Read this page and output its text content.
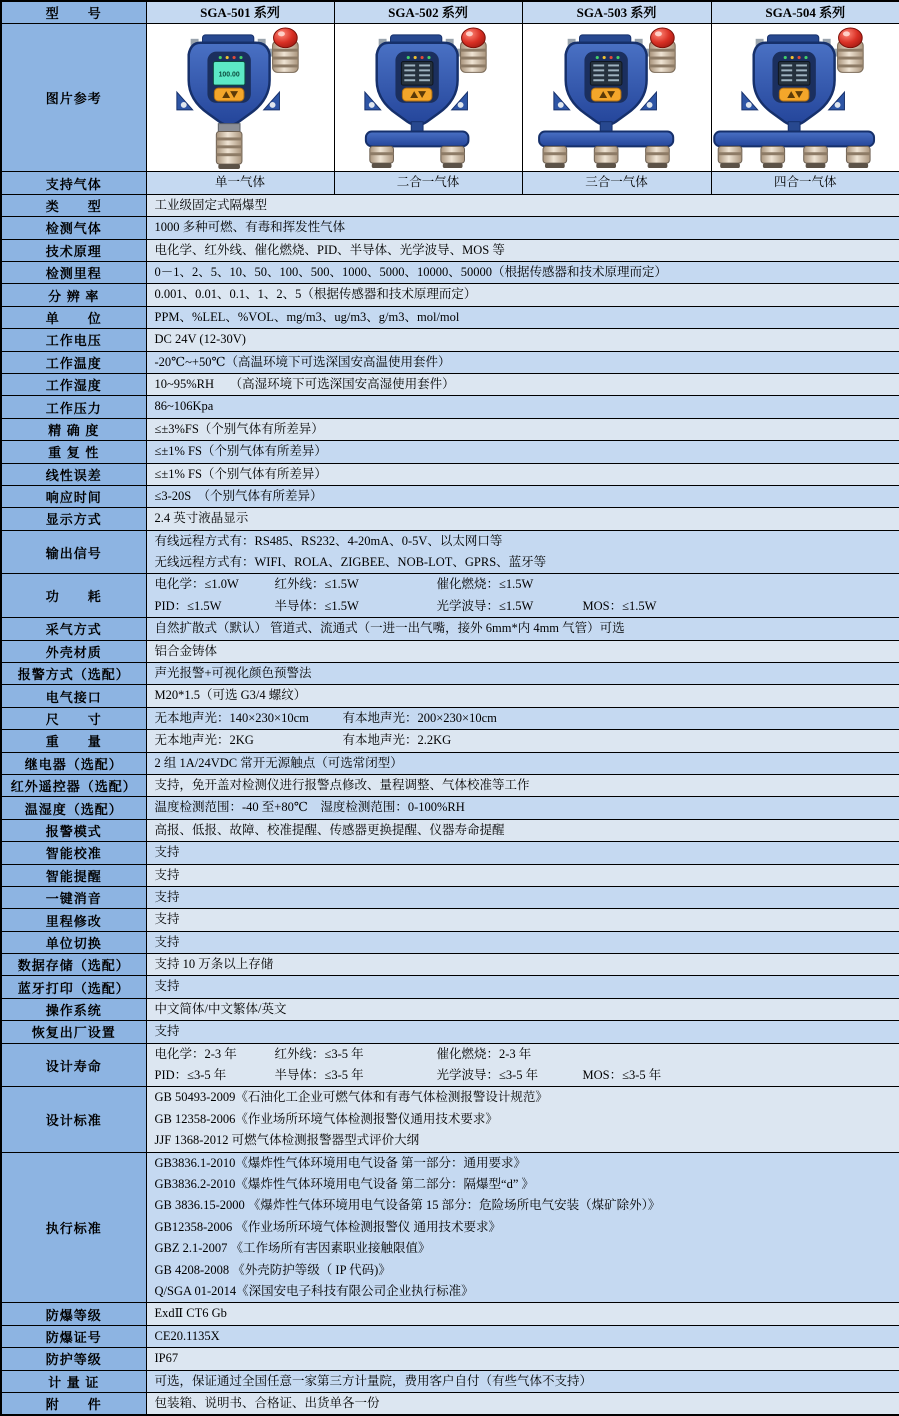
型　　号	SGA-501 系列	SGA-502 系列	SGA-503 系列	SGA-504 系列
图片参考	100.00

支持气体	单一气体	二合一气体	三合一气体	四合一气体
类　　型	工业级固定式隔爆型			

检测气体	1000 多种可燃、有毒和挥发性气体			

技术原理	电化学、红外线、催化燃烧、PID、半导体、光学波导、MOS 等			

检测里程	0－1、2、5、10、50、100、500、1000、5000、10000、50000（根据传感器和技术原理而定）			

分 辨 率	0.001、0.01、0.1、1、2、5（根据传感器和技术原理而定）			

单　　位	PPM、%LEL、%VOL、mg/m3、ug/m3、g/m3、mol/mol			

工作电压	DC 24V (12-30V)			

工作温度	-20℃~+50℃（高温环境下可选深国安高温使用套件）			

工作湿度	10~95%RH　 （高湿环境下可选深国安高湿使用套件）			

工作压力	86~106Kpa			

精 确 度	≤±3%FS（个别气体有所差异）			

重 复 性	≤±1% FS（个别气体有所差异）			

线性误差	≤±1% FS（个别气体有所差异）			

响应时间	≤3-20S　（个别气体有所差异）			

显示方式	2.4 英寸液晶显示			

输出信号	有线远程方式有：RS485、RS232、4-20mA、0-5V、以太网口等
无线远程方式有：WIFI、ROLA、ZIGBEE、NOB-LOT、GPRS、蓝牙等			

功　　耗	电化学：≤1.0W 红外线：≤1.5W 催化燃烧：≤1.5W
PID：≤1.5W 半导体：≤1.5W 光学波导：≤1.5W MOS：≤1.5W			

采气方式	自然扩散式（默认） 管道式、流通式（一进一出气嘴，接外 6mm*内 4mm 气管）可选			

外壳材质	铝合金铸体			

报警方式（选配）	声光报警+可视化颜色预警法			

电气接口	M20*1.5（可选 G3/4 螺纹）			

尺　　寸	无本地声光：140×230×10cm 有本地声光：200×230×10cm			

重　　量	无本地声光：2KG 有本地声光：2.2KG			

继电器（选配）	2 组 1A/24VDC 常开无源触点（可选常闭型）			

红外遥控器（选配）	支持，免开盖对检测仪进行报警点修改、量程调整、气体校准等工作			

温湿度（选配）	温度检测范围：-40 至+80℃　湿度检测范围：0-100%RH			

报警模式	高报、低报、故障、校准提醒、传感器更换提醒、仪器寿命提醒			

智能校准	支持			

智能提醒	支持			

一键消音	支持			

里程修改	支持			

单位切换	支持			

数据存储（选配）	支持 10 万条以上存储			

蓝牙打印（选配）	支持			

操作系统	中文简体/中文繁体/英文			

恢复出厂设置	支持			

设计寿命	电化学：2-3 年 红外线：≤3-5 年 催化燃烧：2-3 年
PID：≤3-5 年 半导体：≤3-5 年 光学波导：≤3-5 年 MOS：≤3-5 年			

设计标准	GB 50493-2009《石油化工企业可燃气体和有毒气体检测报警设计规范》
GB 12358-2006《作业场所环境气体检测报警仪通用技术要求》
JJF 1368-2012 可燃气体检测报警器型式评价大纲			

执行标准	
GB3836.1-2010《爆炸性气体环境用电气设备 第一部分：通用要求》
GB3836.2-2010《爆炸性气体环境用电气设备 第二部分：隔爆型“d” 》
GB 3836.15-2000 《爆炸性气体环境用电气设备第 15 部分：危险场所电气安装（煤矿除外）》
GB12358-2006 《作业场所环境气体检测报警仪 通用技术要求》
GBZ 2.1-2007 《工作场所有害因素职业接触限值》
GB 4208-2008 《外壳防护等级（ IP 代码)》
Q/SGA 01-2014《深国安电子科技有限公司企业执行标准》

防爆等级	ExdⅡ CT6 Gb			

防爆证号	CE20.1135X			

防护等级	IP67			

计 量 证	可选，保证通过全国任意一家第三方计量院，费用客户自付（有些气体不支持）			

附　　件	包装箱、说明书、合格证、出货单各一份			
